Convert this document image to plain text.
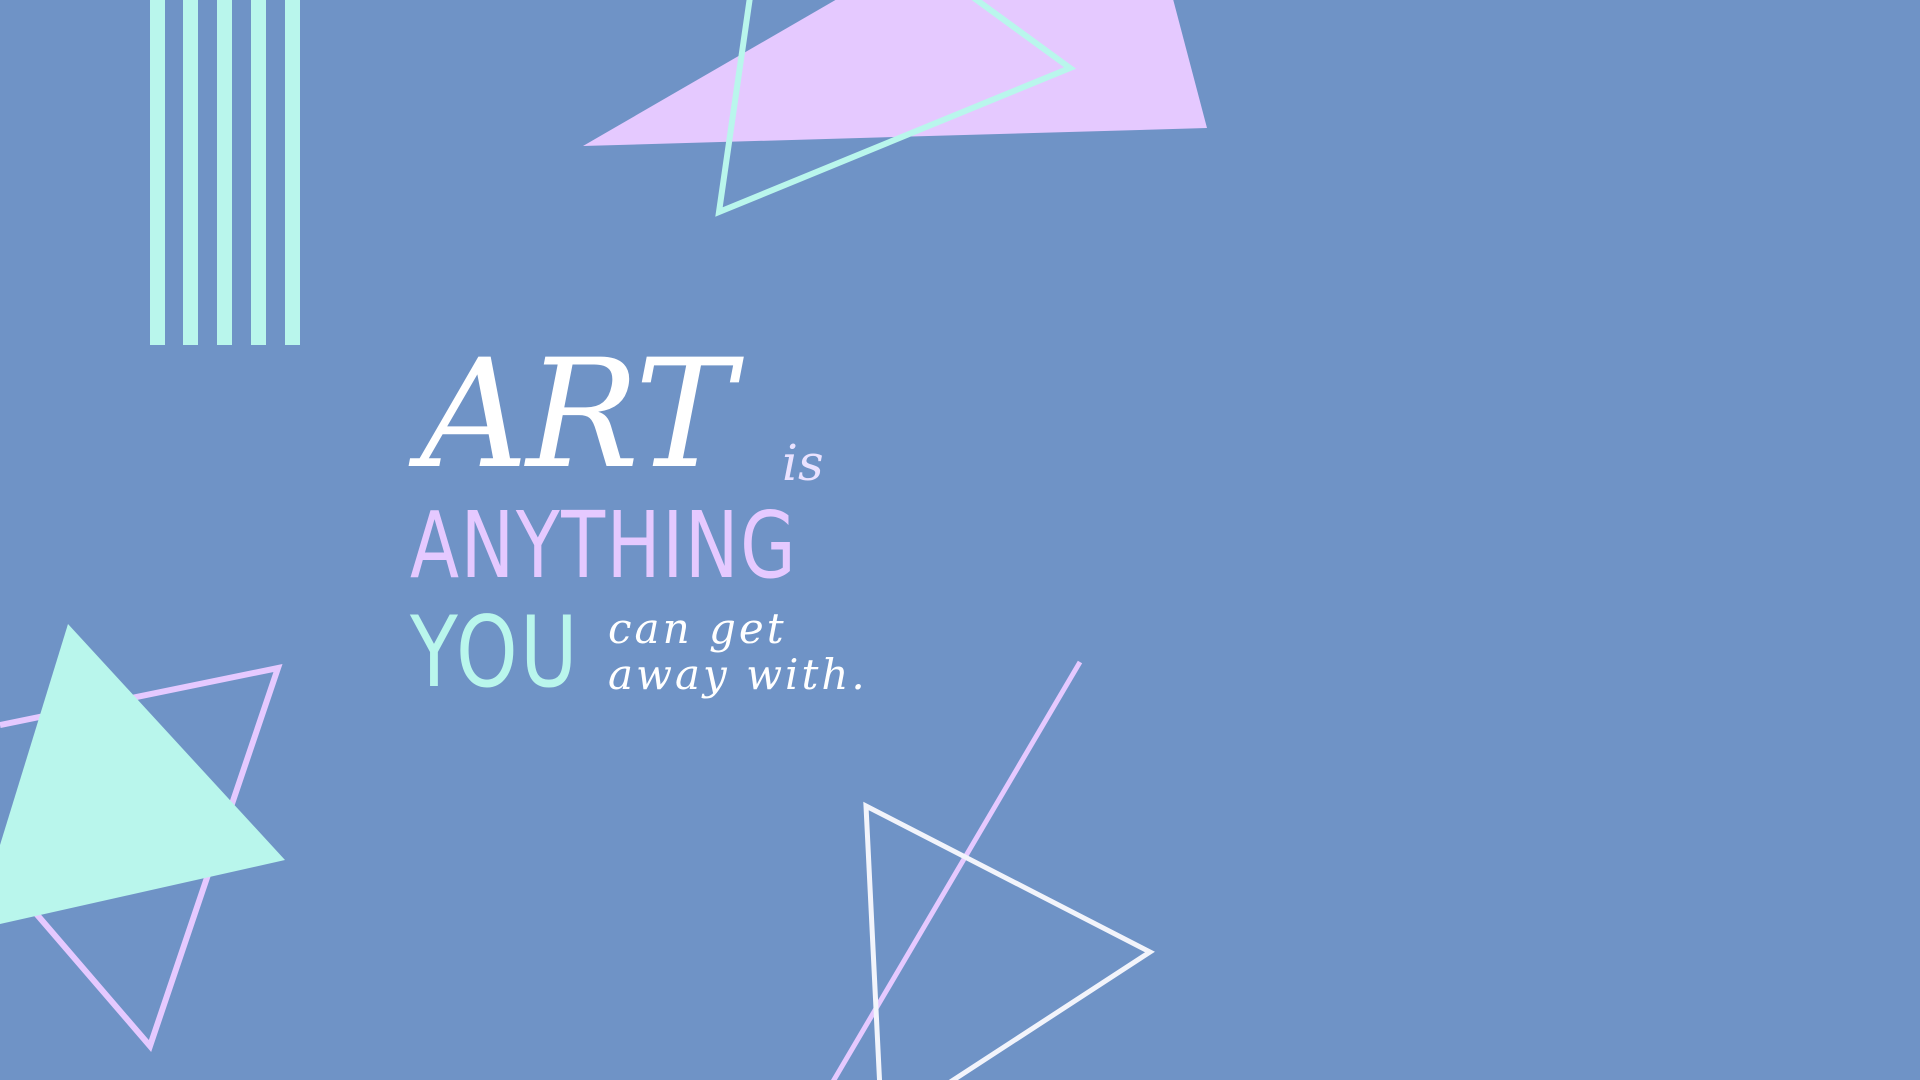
ART is
ANYTHING
YOU can get
away with.
